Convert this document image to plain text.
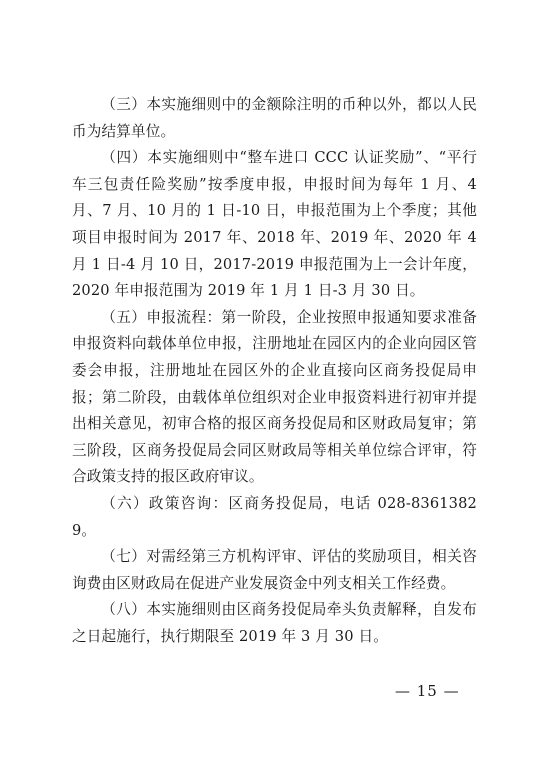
（三）本实施细则中的金额除注明的币种以外，都以人民币为结算单位。

（四）本实施细则中“整车进口 CCC 认证奖励”、“平行车三包责任险奖励”按季度申报，申报时间为每年 1 月、4 月、7 月、10 月的 1 日-10 日，申报范围为上个季度；其他项目申报时间为 2017 年、2018 年、2019 年、2020 年 4 月 1 日-4 月 10 日，2017-2019 申报范围为上一会计年度，2020 年申报范围为 2019 年 1 月 1 日-3 月 30 日。

（五）申报流程：第一阶段，企业按照申报通知要求准备申报资料向载体单位申报，注册地址在园区内的企业向园区管委会申报，注册地址在园区外的企业直接向区商务投促局申报；第二阶段，由载体单位组织对企业申报资料进行初审并提出相关意见，初审合格的报区商务投促局和区财政局复审；第三阶段，区商务投促局会同区财政局等相关单位综合评审，符合政策支持的报区政府审议。

（六）政策咨询：区商务投促局，电话 028-83613829。

（七）对需经第三方机构评审、评估的奖励项目，相关咨询费由区财政局在促进产业发展资金中列支相关工作经费。

（八）本实施细则由区商务投促局牵头负责解释，自发布之日起施行，执行期限至 2019 年 3 月 30 日。

— 15 —
